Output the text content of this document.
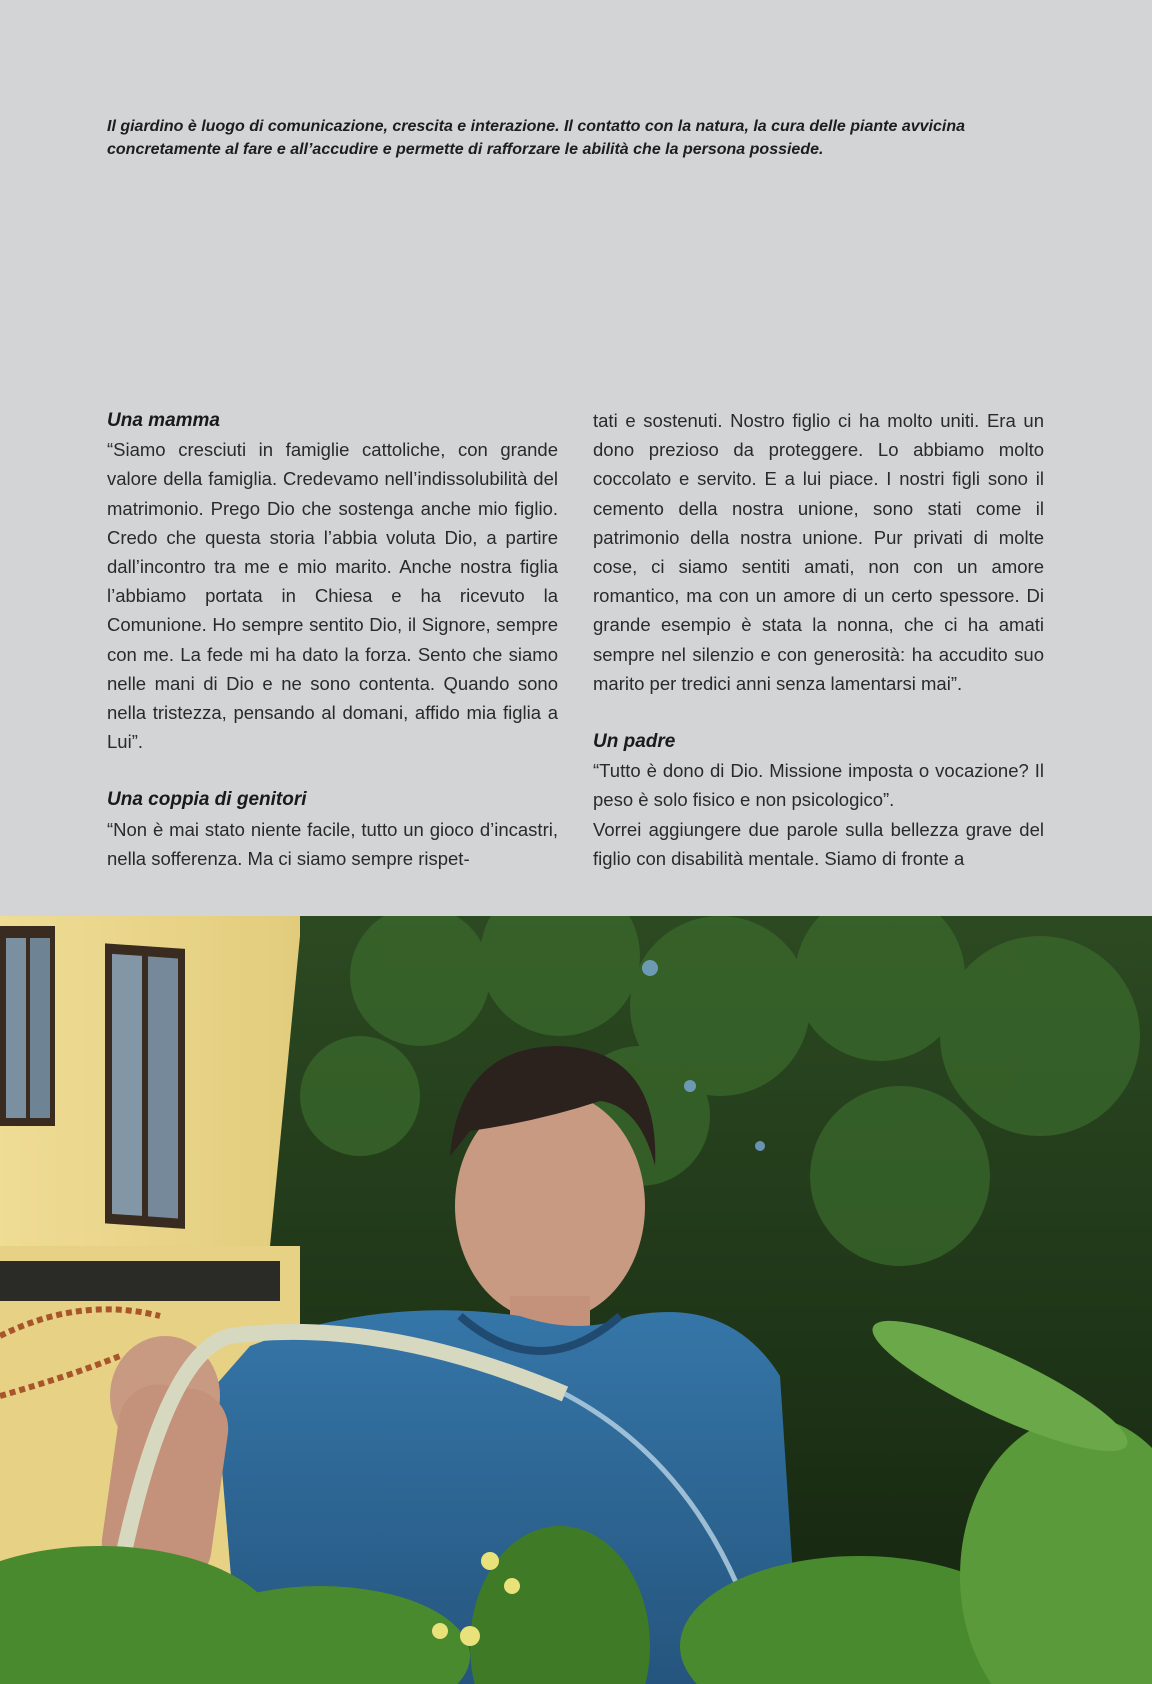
Il giardino è luogo di comunicazione, crescita e interazione. Il contatto con la natura, la cura delle piante avvicina concretamente al fare e all’accudire e permette di rafforzare le abilità che la persona possiede.
Una mamma

“Siamo cresciuti in famiglie cattoliche, con grande valore della famiglia. Credevamo nell’indissolubilità del matrimonio. Prego Dio che sostenga anche mio figlio. Credo che questa storia l’abbia voluta Dio, a partire dall’incontro tra me e mio marito. Anche nostra figlia l’abbiamo portata in Chiesa e ha ricevuto la Comunione. Ho sempre sentito Dio, il Signore, sempre con me. La fede mi ha dato la forza. Sento che siamo nelle mani di Dio e ne sono contenta. Quando sono nella tristezza, pensando al domani, affido mia figlia a Lui”.

Una coppia di genitori

“Non è mai stato niente facile, tutto un gioco d’incastri, nella sofferenza. Ma ci siamo sempre rispet-

tati e sostenuti. Nostro figlio ci ha molto uniti. Era un dono prezioso da proteggere. Lo abbiamo molto coccolato e servito. E a lui piace. I nostri figli sono il cemento della nostra unione, sono stati come il patrimonio della nostra unione. Pur privati di molte cose, ci siamo sentiti amati, non con un amore romantico, ma con un amore di un certo spessore. Di grande esempio è stata la nonna, che ci ha amati sempre nel silenzio e con generosità: ha accudito suo marito per tredici anni senza lamentarsi mai”.

Un padre

“Tutto è dono di Dio. Missione imposta o vocazione? Il peso è solo fisico e non psicologico”.

Vorrei aggiungere due parole sulla bellezza grave del figlio con disabilità mentale. Siamo di fronte a
